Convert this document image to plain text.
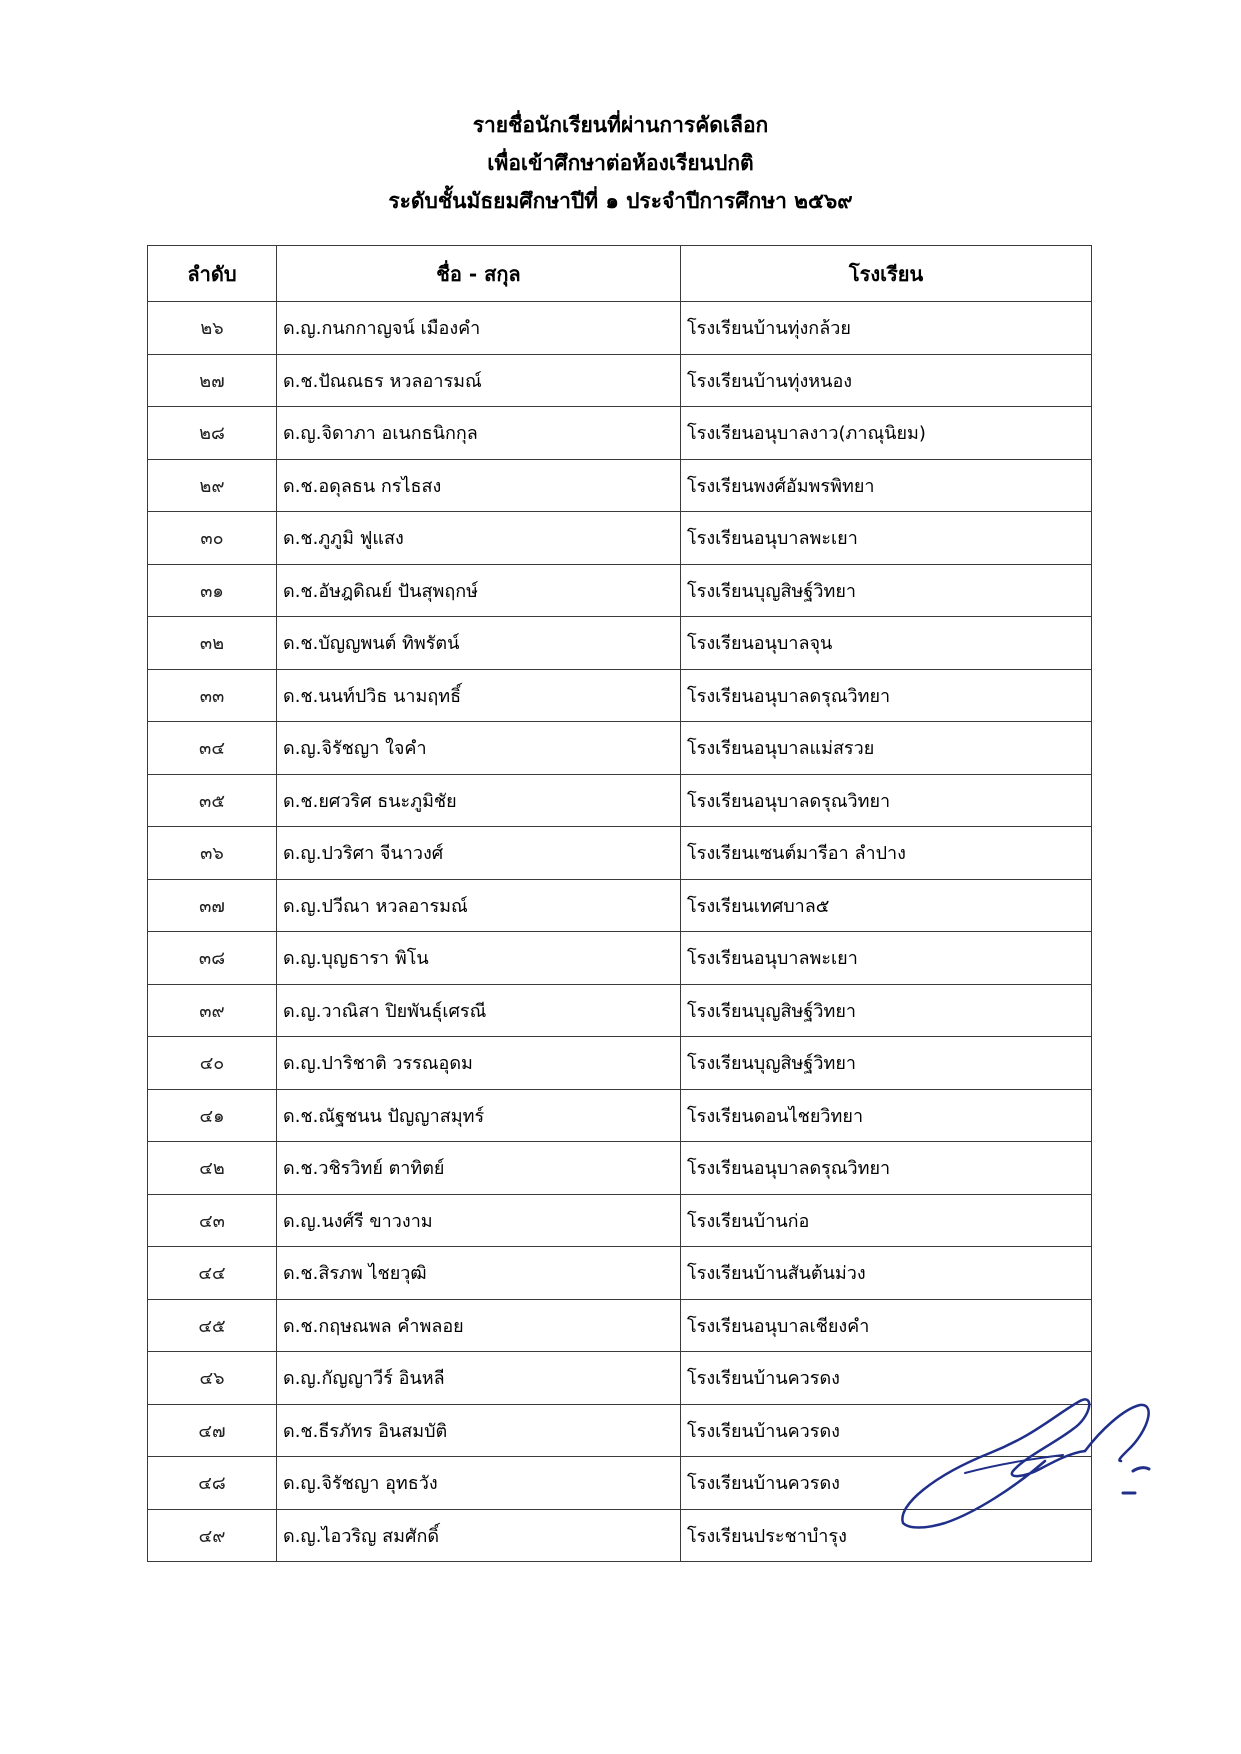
รายชื่อนักเรียนที่ผ่านการคัดเลือก
เพื่อเข้าศึกษาต่อห้องเรียนปกติ
ระดับชั้นมัธยมศึกษาปีที่ ๑ ประจำปีการศึกษา ๒๕๖๙
ลำดับ	ชื่อ - สกุล	โรงเรียน
๒๖	ด.ญ.กนกกาญจน์ เมืองคำ	โรงเรียนบ้านทุ่งกล้วย
๒๗	ด.ช.ปัณณธร หวลอารมณ์	โรงเรียนบ้านทุ่งหนอง
๒๘	ด.ญ.จิดาภา อเนกธนิกกุล	โรงเรียนอนุบาลงาว(ภาณุนิยม)
๒๙	ด.ช.อดุลธน กรไธสง	โรงเรียนพงศ์อัมพรพิทยา
๓๐	ด.ช.ภูภูมิ ฟูแสง	โรงเรียนอนุบาลพะเยา
๓๑	ด.ช.อัษฎดิณย์ ปันสุพฤกษ์	โรงเรียนบุญสิษฐ์วิทยา
๓๒	ด.ช.บัญญพนต์ ทิพรัตน์	โรงเรียนอนุบาลจุน
๓๓	ด.ช.นนท์ปวิธ นามฤทธิ์	โรงเรียนอนุบาลดรุณวิทยา
๓๔	ด.ญ.จิรัชญา ใจคำ	โรงเรียนอนุบาลแม่สรวย
๓๕	ด.ช.ยศวริศ ธนะภูมิชัย	โรงเรียนอนุบาลดรุณวิทยา
๓๖	ด.ญ.ปวริศา จีนาวงศ์	โรงเรียนเซนต์มารีอา ลำปาง
๓๗	ด.ญ.ปวีณา หวลอารมณ์	โรงเรียนเทศบาล๕
๓๘	ด.ญ.บุญธารา พิโน	โรงเรียนอนุบาลพะเยา
๓๙	ด.ญ.วาณิสา ปิยพันธุ์เศรณี	โรงเรียนบุญสิษฐ์วิทยา
๔๐	ด.ญ.ปาริชาติ วรรณอุดม	โรงเรียนบุญสิษฐ์วิทยา
๔๑	ด.ช.ณัฐชนน ปัญญาสมุทร์	โรงเรียนดอนไชยวิทยา
๔๒	ด.ช.วชิรวิทย์ ตาทิตย์	โรงเรียนอนุบาลดรุณวิทยา
๔๓	ด.ญ.นงศ์รี ขาวงาม	โรงเรียนบ้านก่อ
๔๔	ด.ช.สิรภพ ไชยวุฒิ	โรงเรียนบ้านสันต้นม่วง
๔๕	ด.ช.กฤษณพล คำพลอย	โรงเรียนอนุบาลเชียงคำ
๔๖	ด.ญ.กัญญาวีร์ อินหลี	โรงเรียนบ้านควรดง
๔๗	ด.ช.ธีรภัทร อินสมบัติ	โรงเรียนบ้านควรดง
๔๘	ด.ญ.จิรัชญา อุทธวัง	โรงเรียนบ้านควรดง
๔๙	ด.ญ.ไอวริญ สมศักดิ์	โรงเรียนประชาบำรุง
